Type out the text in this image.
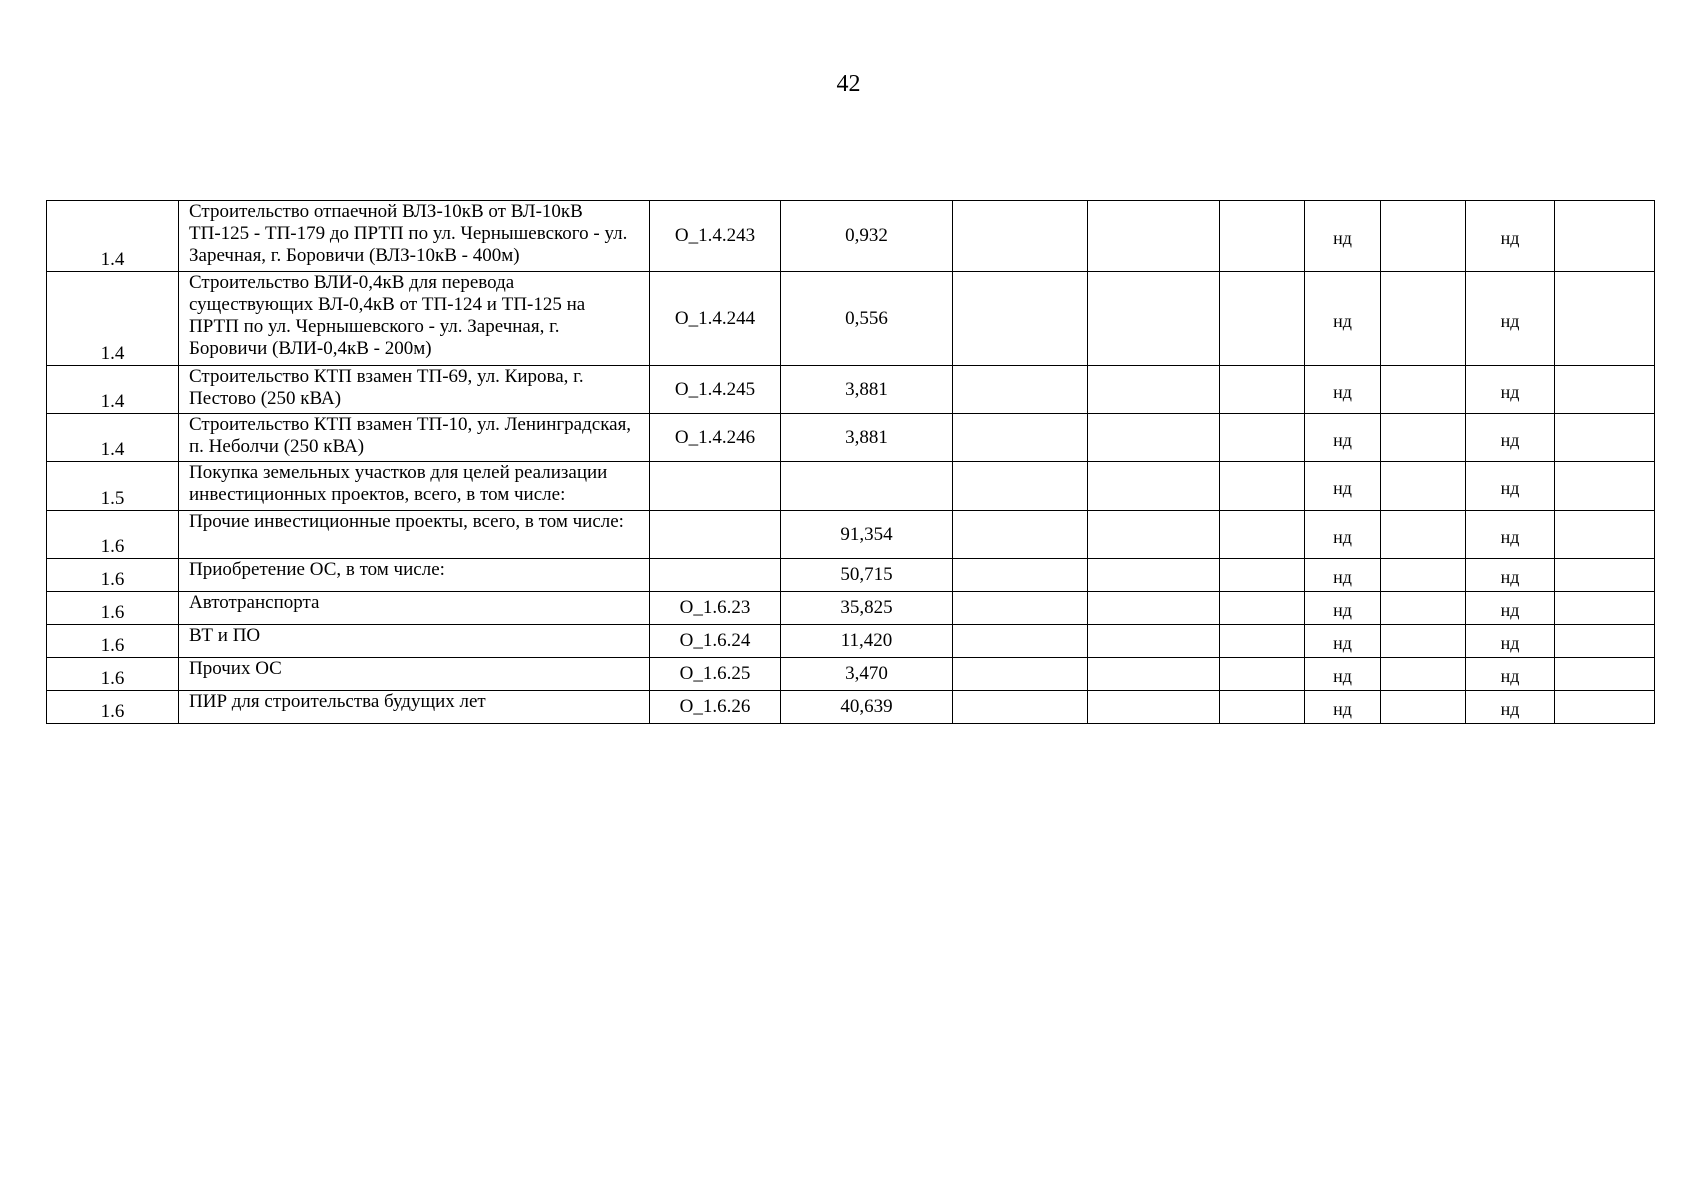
42
1.4	Строительство отпаечной ВЛЗ-10кВ от ВЛ-10кВ ТП-125 - ТП-179 до ПРТП по ул. Чернышевского - ул. Заречная, г. Боровичи (ВЛЗ-10кВ - 400м)	О_1.4.243	0,932				нд		нд	
1.4	Строительство ВЛИ-0,4кВ для перевода существующих ВЛ-0,4кВ от ТП-124 и ТП-125 на ПРТП по ул. Чернышевского - ул. Заречная, г. Боровичи (ВЛИ-0,4кВ - 200м)	О_1.4.244	0,556				нд		нд	
1.4	Строительство КТП взамен ТП-69, ул. Кирова, г. Пестово (250 кВА)	О_1.4.245	3,881				нд		нд	
1.4	Строительство КТП взамен ТП-10, ул. Ленинградская, п. Неболчи (250 кВА)	О_1.4.246	3,881				нд		нд	
1.5	Покупка земельных участков для целей реализации инвестиционных проектов, всего, в том числе:						нд		нд	
1.6	Прочие инвестиционные проекты, всего, в том числе:		91,354				нд		нд	
1.6	Приобретение ОС, в том числе:		50,715				нд		нд	
1.6	Автотранспорта	О_1.6.23	35,825				нд		нд	
1.6	ВТ и ПО	О_1.6.24	11,420				нд		нд	
1.6	Прочих ОС	О_1.6.25	3,470				нд		нд	
1.6	ПИР для строительства будущих лет	О_1.6.26	40,639				нд		нд	
